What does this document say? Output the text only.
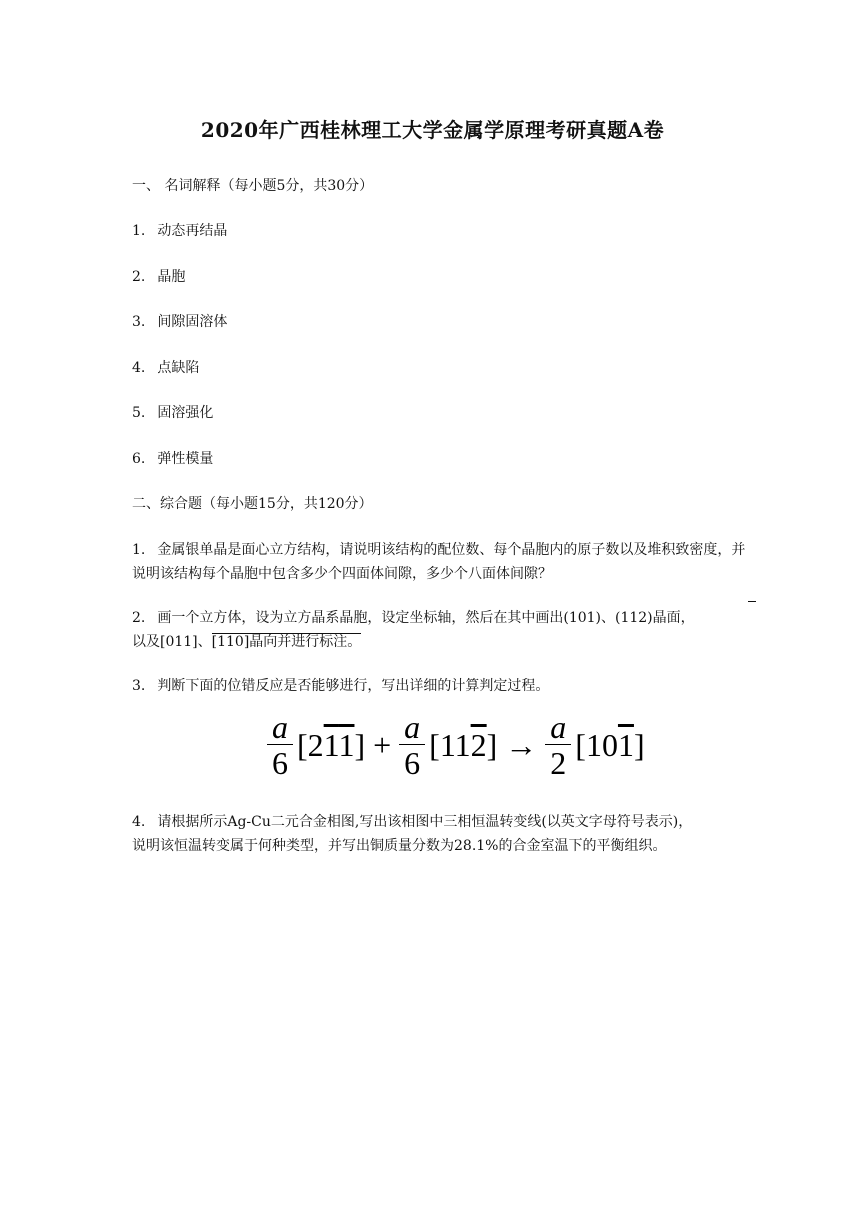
2020年广西桂林理工大学金属学原理考研真题A卷
一、 名词解释（每小题5分，共30分）
1. 动态再结晶
2. 晶胞
3. 间隙固溶体
4. 点缺陷
5. 固溶强化
6. 弹性模量
二、综合题（每小题15分，共120分）
1. 金属银单晶是面心立方结构，请说明该结构的配位数、每个晶胞内的原子数以及堆积致密度，并说明该结构每个晶胞中包含多少个四面体间隙，多少个八面体间隙？
2. 画一个立方体，设为立方晶系晶胞，设定坐标轴，然后在其中画出(101)、(112)晶面，
以及[011]、[110]晶向并进行标注。
3. 判断下面的位错反应是否能够进行，写出详细的计算判定过程。
$\frac{a}{6} [211] + \frac{a}{6} [112] \to \frac{a}{2} [101]$
4. 请根据所示Ag-Cu二元合金相图,写出该相图中三相恒温转变线(以英文字母符号表示)，
说明该恒温转变属于何种类型，并写出铜质量分数为28.1%的合金室温下的平衡组织。
